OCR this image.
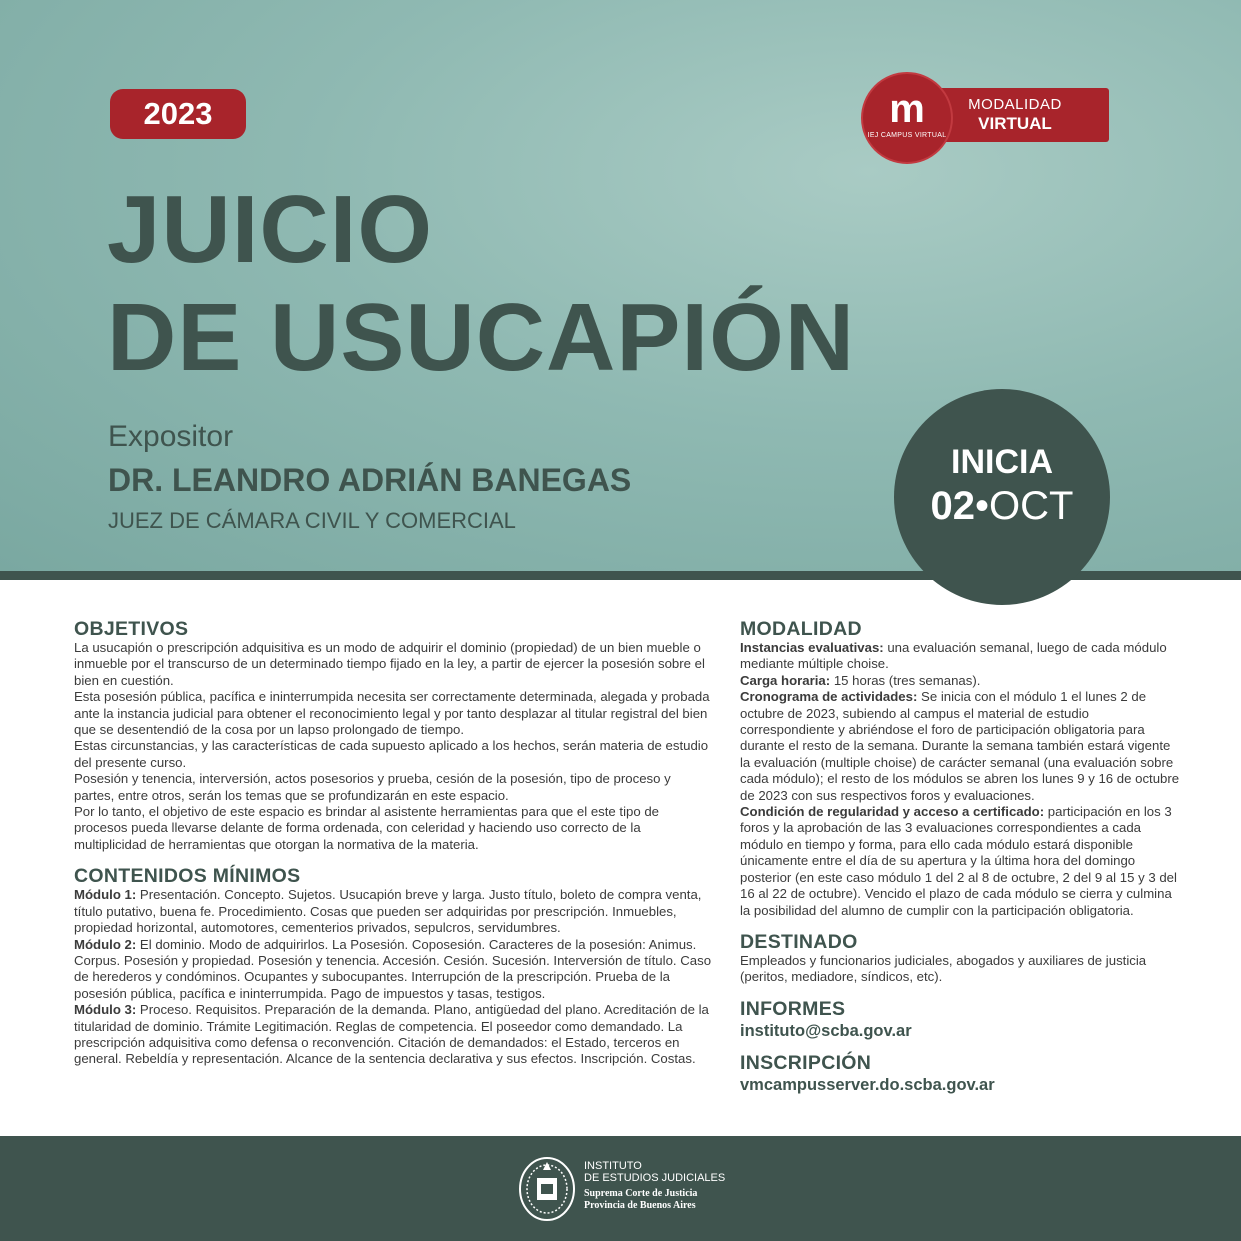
2023	MODALIDAD
VIRTUAL
m
IEJ CAMPUS VIRTUAL
JUICIO
DE USUCAPIÓN
Expositor
DR. LEANDRO ADRIÁN BANEGAS
JUEZ DE CÁMARA CIVIL Y COMERCIAL
INICIA
02•OCT
OBJETIVOS

La usucapión o prescripción adquisitiva es un modo de adquirir el dominio (propiedad) de un bien mueble o inmueble por el transcurso de un determinado tiempo fijado en la ley, a partir de ejercer la posesión sobre el bien en cuestión.

Esta posesión pública, pacífica e ininterrumpida necesita ser correctamente determinada, alegada y probada ante la instancia judicial para obtener el reconocimiento legal y por tanto desplazar al titular registral del bien que se desentendió de la cosa por un lapso prolongado de tiempo.

Estas circunstancias, y las características de cada supuesto aplicado a los hechos, serán materia de estudio del presente curso.

Posesión y tenencia, interversión, actos posesorios y prueba, cesión de la posesión, tipo de proceso y partes, entre otros, serán los temas que se profundizarán en este espacio.

Por lo tanto, el objetivo de este espacio es brindar al asistente herramientas para que el este tipo de procesos pueda llevarse delante de forma ordenada, con celeridad y haciendo uso correcto de la multiplicidad de herramientas que otorgan la normativa de la materia.

CONTENIDOS MÍNIMOS

Módulo 1: Presentación. Concepto. Sujetos. Usucapión breve y larga. Justo título, boleto de compra venta, título putativo, buena fe. Procedimiento. Cosas que pueden ser adquiridas por prescripción. Inmuebles, propiedad horizontal, automotores, cementerios privados, sepulcros, servidumbres.

Módulo 2: El dominio. Modo de adquirirlos. La Posesión. Coposesión. Caracteres de la posesión: Animus. Corpus. Posesión y propiedad. Posesión y tenencia. Accesión. Cesión. Sucesión. Interversión de título. Caso de herederos y condóminos. Ocupantes y subocupantes. Interrupción de la prescripción. Prueba de la posesión pública, pacífica e ininterrumpida. Pago de impuestos y tasas, testigos.

Módulo 3: Proceso. Requisitos. Preparación de la demanda. Plano, antigüedad del plano. Acreditación de la titularidad de dominio. Trámite Legitimación. Reglas de competencia. El poseedor como demandado. La prescripción adquisitiva como defensa o reconvención. Citación de demandados: el Estado, terceros en general. Rebeldía y representación. Alcance de la sentencia declarativa y sus efectos. Inscripción. Costas.

MODALIDAD

Instancias evaluativas: una evaluación semanal, luego de cada módulo mediante múltiple choise.

Carga horaria: 15 horas (tres semanas).

Cronograma de actividades: Se inicia con el módulo 1 el lunes 2 de octubre de 2023, subiendo al campus el material de estudio correspondiente y abriéndose el foro de participación obligatoria para durante el resto de la semana. Durante la semana también estará vigente la evaluación (multiple choise) de carácter semanal (una evaluación sobre cada módulo); el resto de los módulos se abren los lunes 9 y 16 de octubre de 2023 con sus respectivos foros y evaluaciones.

Condición de regularidad y acceso a certificado: participación en los 3 foros y la aprobación de las 3 evaluaciones correspondientes a cada módulo en tiempo y forma, para ello cada módulo estará disponible únicamente entre el día de su apertura y la última hora del domingo posterior (en este caso módulo 1 del 2 al 8 de octubre, 2 del 9 al 15 y 3 del 16 al 22 de octubre). Vencido el plazo de cada módulo se cierra y culmina la posibilidad del alumno de cumplir con la participación obligatoria.

DESTINADO

Empleados y funcionarios judiciales, abogados y auxiliares de justicia (peritos, mediadore, síndicos, etc).

INFORMES
instituto@scba.gov.ar
INSCRIPCIÓN
vmcampusserver.do.scba.gov.ar
INSTITUTO
DE ESTUDIOS JUDICIALES
Suprema Corte de Justicia
Provincia de Buenos Aires
